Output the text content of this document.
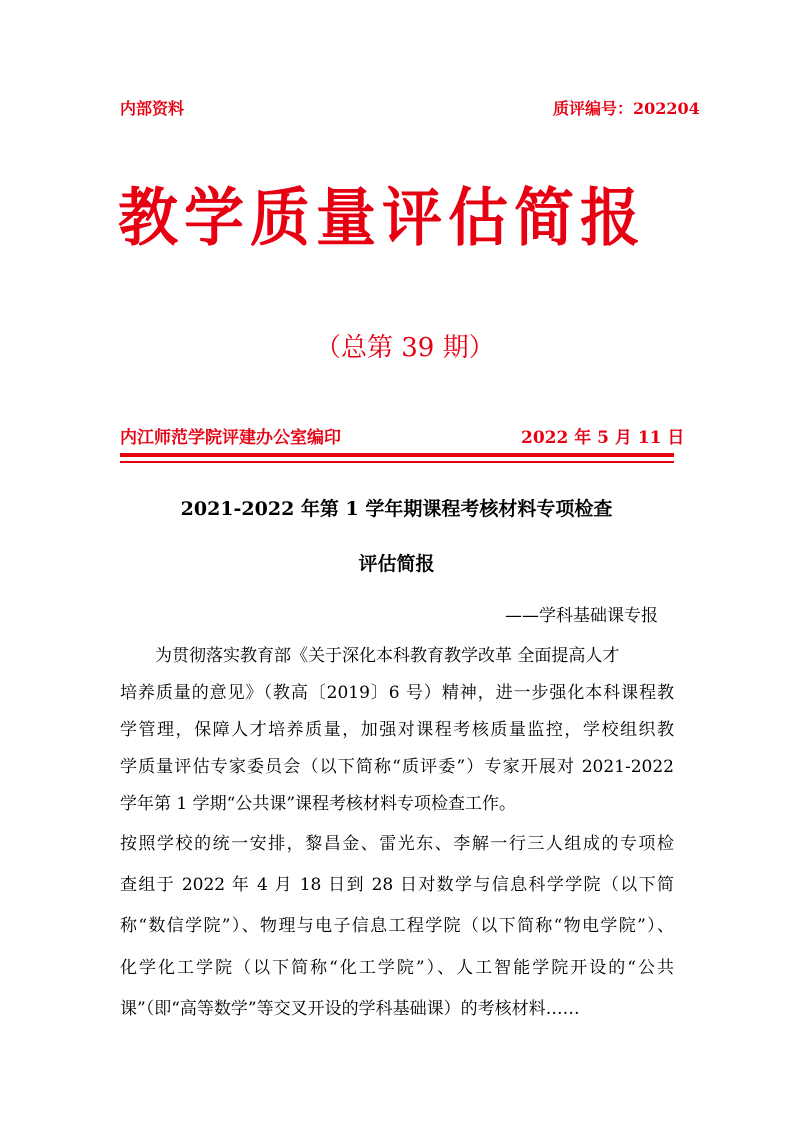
内部资料	质评编号：202204
教学质量评估简报
（总第 39 期）
内江师范学院评建办公室编印	2022 年 5 月 11 日
2021-2022 年第 1 学年期课程考核材料专项检查
评估简报
——学科基础课专报
为贯彻落实教育部《关于深化本科教育教学改革 全面提高人才
培养质量的意见》（教高〔2019〕6 号）精神，进一步强化本科课程教
学管理，保障人才培养质量，加强对课程考核质量监控，学校组织教
学质量评估专家委员会（以下简称“质评委”）专家开展对 2021-2022
学年第 1 学期“公共课”课程考核材料专项检查工作。
按照学校的统一安排，黎昌金、雷光东、李解一行三人组成的专项检
查组于 2022 年 4 月 18 日到 28 日对数学与信息科学学院（以下简
称“数信学院”）、物理与电子信息工程学院（以下简称“物电学院”）、
化学化工学院（以下简称“化工学院”）、人工智能学院开设的“公共
课”（即“高等数学”等交叉开设的学科基础课）的考核材料……
